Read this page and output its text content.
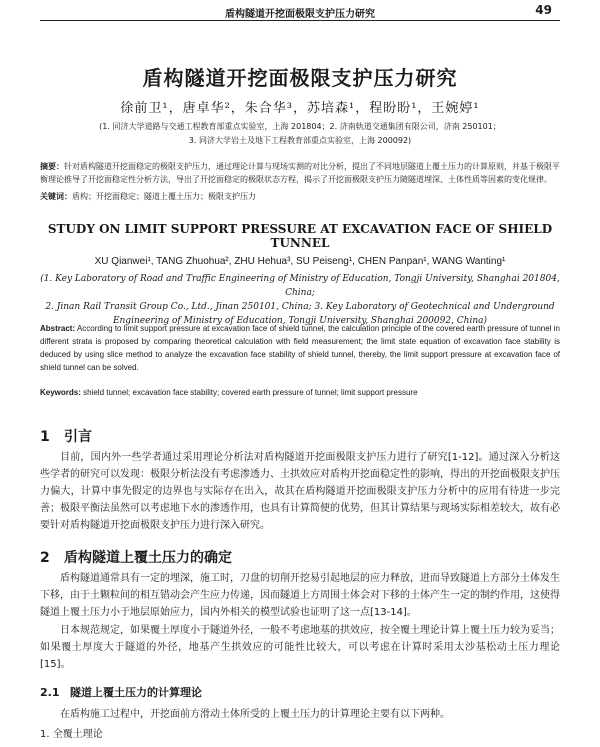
盾构隧道开挖面极限支护压力研究	49
盾构隧道开挖面极限支护压力研究
徐前卫¹，唐卓华²，朱合华³，苏培森¹，程盼盼¹，王婉婷¹
(1. 同济大学道路与交通工程教育部重点实验室，上海 201804；2. 济南轨道交通集团有限公司，济南 250101；
3. 同济大学岩土及地下工程教育部重点实验室，上海 200092)
摘要：针对盾构隧道开挖面稳定的极限支护压力，通过理论计算与现场实测的对比分析，提出了不同地层隧道上覆土压力的计算原则，并基于极限平衡理论推导了开挖面稳定性分析方法，导出了开挖面稳定的极限状态方程，揭示了开挖面极限支护压力随隧道埋深、土体性质等因素的变化规律。
关键词：盾构；开挖面稳定；隧道上覆土压力；极限支护压力
STUDY ON LIMIT SUPPORT PRESSURE AT EXCAVATION FACE OF SHIELD TUNNEL
XU Qianwei¹, TANG Zhuohua², ZHU Hehua³, SU Peiseng¹, CHEN Panpan¹, WANG Wanting¹
(1. Key Laboratory of Road and Traffic Engineering of Ministry of Education, Tongji University, Shanghai 201804, China;
2. Jinan Rail Transit Group Co., Ltd., Jinan 250101, China; 3. Key Laboratory of Geotechnical and Underground
Engineering of Ministry of Education, Tongji University, Shanghai 200092, China)
Abstract: According to limit support pressure at excavation face of shield tunnel, the calculation principle of the covered earth pressure of tunnel in different strata is proposed by comparing theoretical calculation with field measurement; the limit state equation of excavation face stability is deduced by using slice method to analyze the excavation face stability of shield tunnel, thereby, the limit support pressure at excavation face of shield tunnel can be solved.
Keywords: shield tunnel; excavation face stability; covered earth pressure of tunnel; limit support pressure
1 引言
目前，国内外一些学者通过采用理论分析法对盾构隧道开挖面极限支护压力进行了研究[1-12]。通过深入分析这些学者的研究可以发现：极限分析法没有考虑渗透力、土拱效应对盾构开挖面稳定性的影响，得出的开挖面极限支护压力偏大，计算中事先假定的边界也与实际存在出入，故其在盾构隧道开挖面极限支护压力分析中的应用有待进一步完善；极限平衡法虽然可以考虑地下水的渗透作用，也具有计算简便的优势，但其计算结果与现场实际相差较大，故有必要针对盾构隧道开挖面极限支护压力进行深入研究。
2 盾构隧道上覆土压力的确定
盾构隧道通常具有一定的埋深，施工时，刀盘的切削开挖易引起地层的应力释放，进而导致隧道上方部分土体发生下移，由于土颗粒间的相互错动会产生应力传递，因而隧道上方周围土体会对下移的土体产生一定的制约作用，这使得隧道上覆土压力小于地层原始应力，国内外相关的模型试验也证明了这一点[13-14]。
日本规范规定，如果覆土厚度小于隧道外径，一般不考虑地基的拱效应，按全覆土理论计算上覆土压力较为妥当；如果覆土厚度大于隧道的外径，地基产生拱效应的可能性比较大，可以考虑在计算时采用太沙基松动土压力理论[15]。
2.1 隧道上覆土压力的计算理论
在盾构施工过程中，开挖面前方滑动土体所受的上覆土压力的计算理论主要有以下两种。
1. 全覆土理论
